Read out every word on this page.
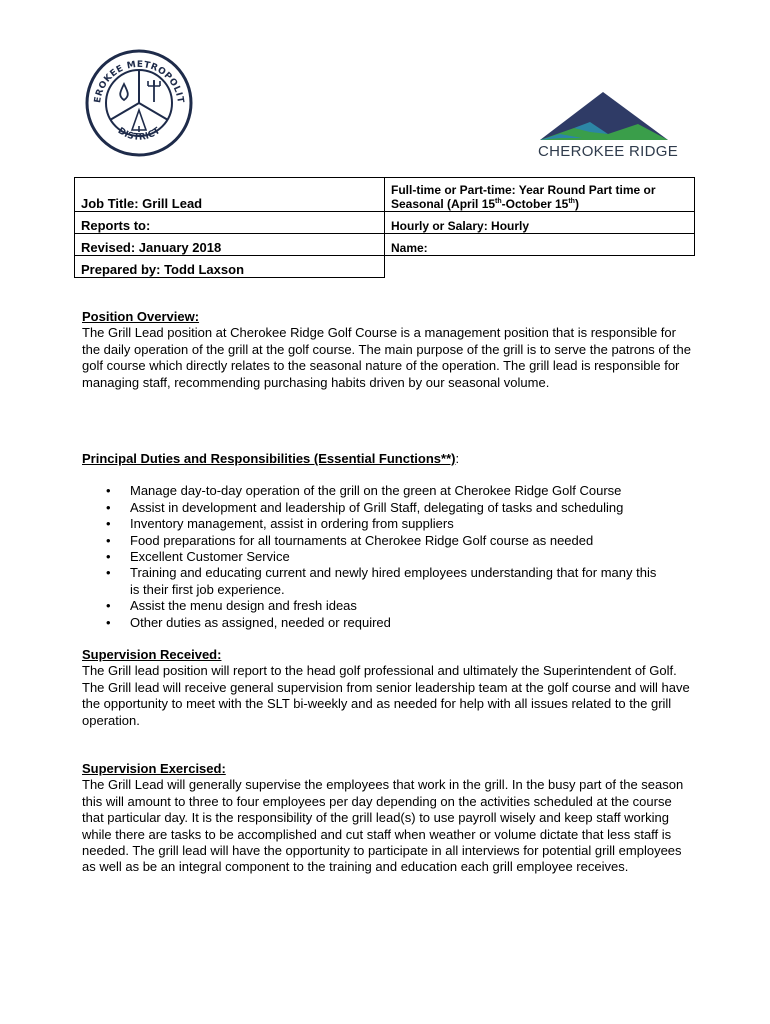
EROKEE METROPOLIT
DISTRICT
CHEROKEE RIDGE
Job Title: Grill Lead	Full-time or Part-time: Year Round Part time or Seasonal (April 15th-October 15th)
Reports to:	Hourly or Salary: Hourly
Revised: January 2018	Name:
Prepared by: Todd Laxson	
Position Overview:
The Grill Lead position at Cherokee Ridge Golf Course is a management position that is responsible for the daily operation of the grill at the golf course. The main purpose of the grill is to serve the patrons of the golf course which directly relates to the seasonal nature of the operation. The grill lead is responsible for managing staff, recommending purchasing habits driven by our seasonal volume.
Principal Duties and Responsibilities (Essential Functions**):
• Manage day-to-day operation of the grill on the green at Cherokee Ridge Golf Course
• Assist in development and leadership of Grill Staff, delegating of tasks and scheduling
• Inventory management, assist in ordering from suppliers
• Food preparations for all tournaments at Cherokee Ridge Golf course as needed
• Excellent Customer Service
• Training and educating current and newly hired employees understanding that for many this is their first job experience.
• Assist the menu design and fresh ideas
• Other duties as assigned, needed or required
Supervision Received:
The Grill lead position will report to the head golf professional and ultimately the Superintendent of Golf. The Grill lead will receive general supervision from senior leadership team at the golf course and will have the opportunity to meet with the SLT bi-weekly and as needed for help with all issues related to the grill operation.
Supervision Exercised:
The Grill Lead will generally supervise the employees that work in the grill. In the busy part of the season this will amount to three to four employees per day depending on the activities scheduled at the course that particular day. It is the responsibility of the grill lead(s) to use payroll wisely and keep staff working while there are tasks to be accomplished and cut staff when weather or volume dictate that less staff is needed. The grill lead will have the opportunity to participate in all interviews for potential grill employees as well as be an integral component to the training and education each grill employee receives.
